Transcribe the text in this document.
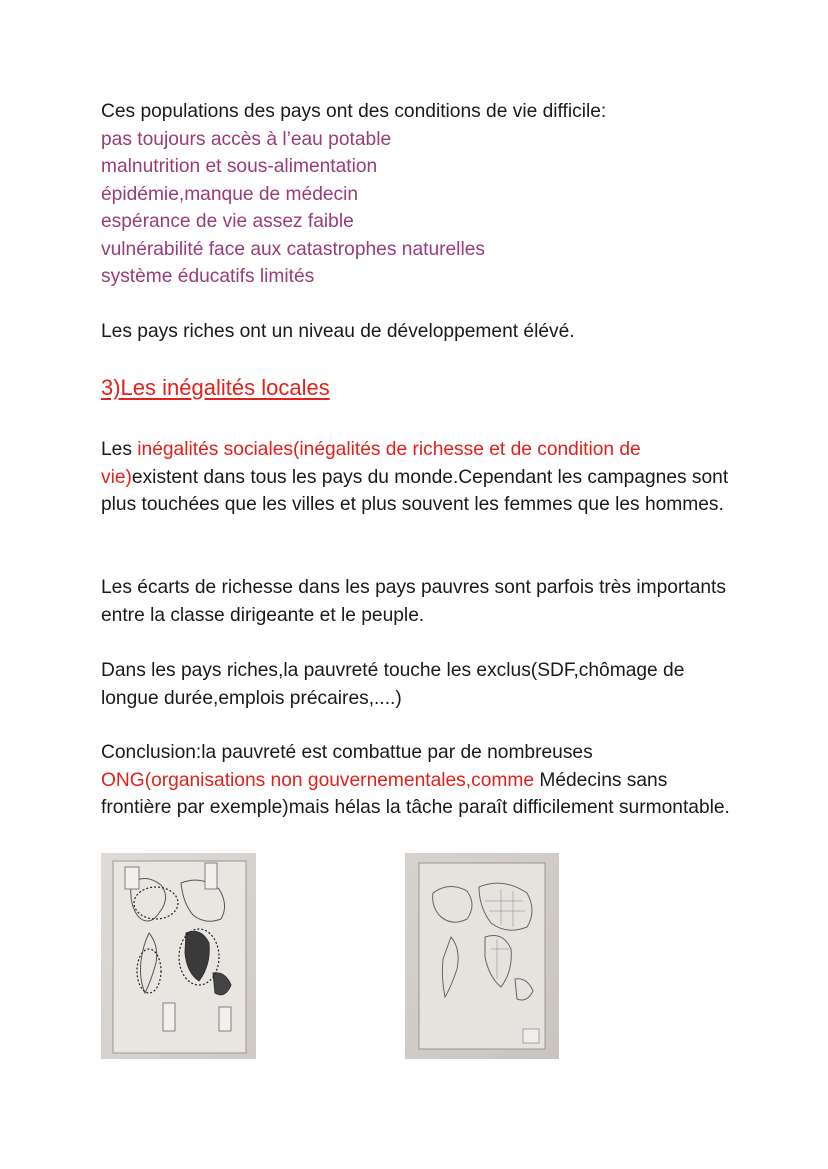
Ces populations des pays ont des conditions de vie difficile:
pas toujours accès à l’eau potable
malnutrition et sous-alimentation
épidémie,manque de médecin
espérance de vie assez faible
vulnérabilité face aux catastrophes naturelles
système éducatifs limités
Les pays riches ont un niveau de développement élévé.
3)Les inégalités locales
Les inégalités sociales(inégalités de richesse et de condition de vie)existent dans tous les pays du monde.Cependant les campagnes sont plus touchées que les villes et plus souvent les femmes que les hommes.
Les écarts de richesse dans les pays pauvres sont parfois très importants entre la classe dirigeante et le peuple.
Dans les pays riches,la pauvreté touche les exclus(SDF,chômage de longue durée,emplois précaires,....)
Conclusion:la pauvreté est combattue par de nombreuses ONG(organisations non gouvernementales,comme Médecins sans frontière par exemple)mais hélas la tâche paraît difficilement surmontable.
